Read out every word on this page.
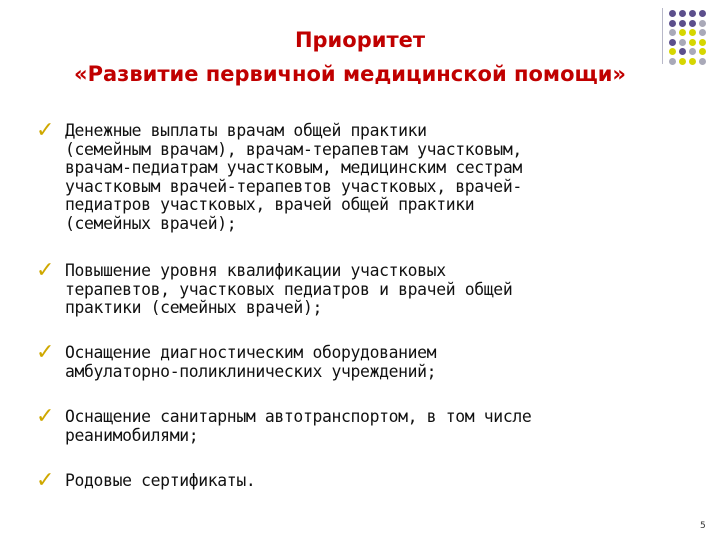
Приоритет
«Развитие первичной медицинской помощи»
✓ Денежные выплаты врачам общей практики
(семейным врачам), врачам-терапевтам участковым,
врачам-педиатрам участковым, медицинским сестрам
участковым врачей-терапевтов участковых, врачей-
педиатров участковых, врачей общей практики
(семейных врачей);
✓ Повышение уровня квалификации участковых
терапевтов, участковых педиатров и врачей общей
практики (семейных врачей);
✓ Оснащение диагностическим оборудованием
амбулаторно-поликлинических учреждений;
✓ Оснащение санитарным автотранспортом, в том числе
реанимобилями;
✓ Родовые сертификаты.
5
